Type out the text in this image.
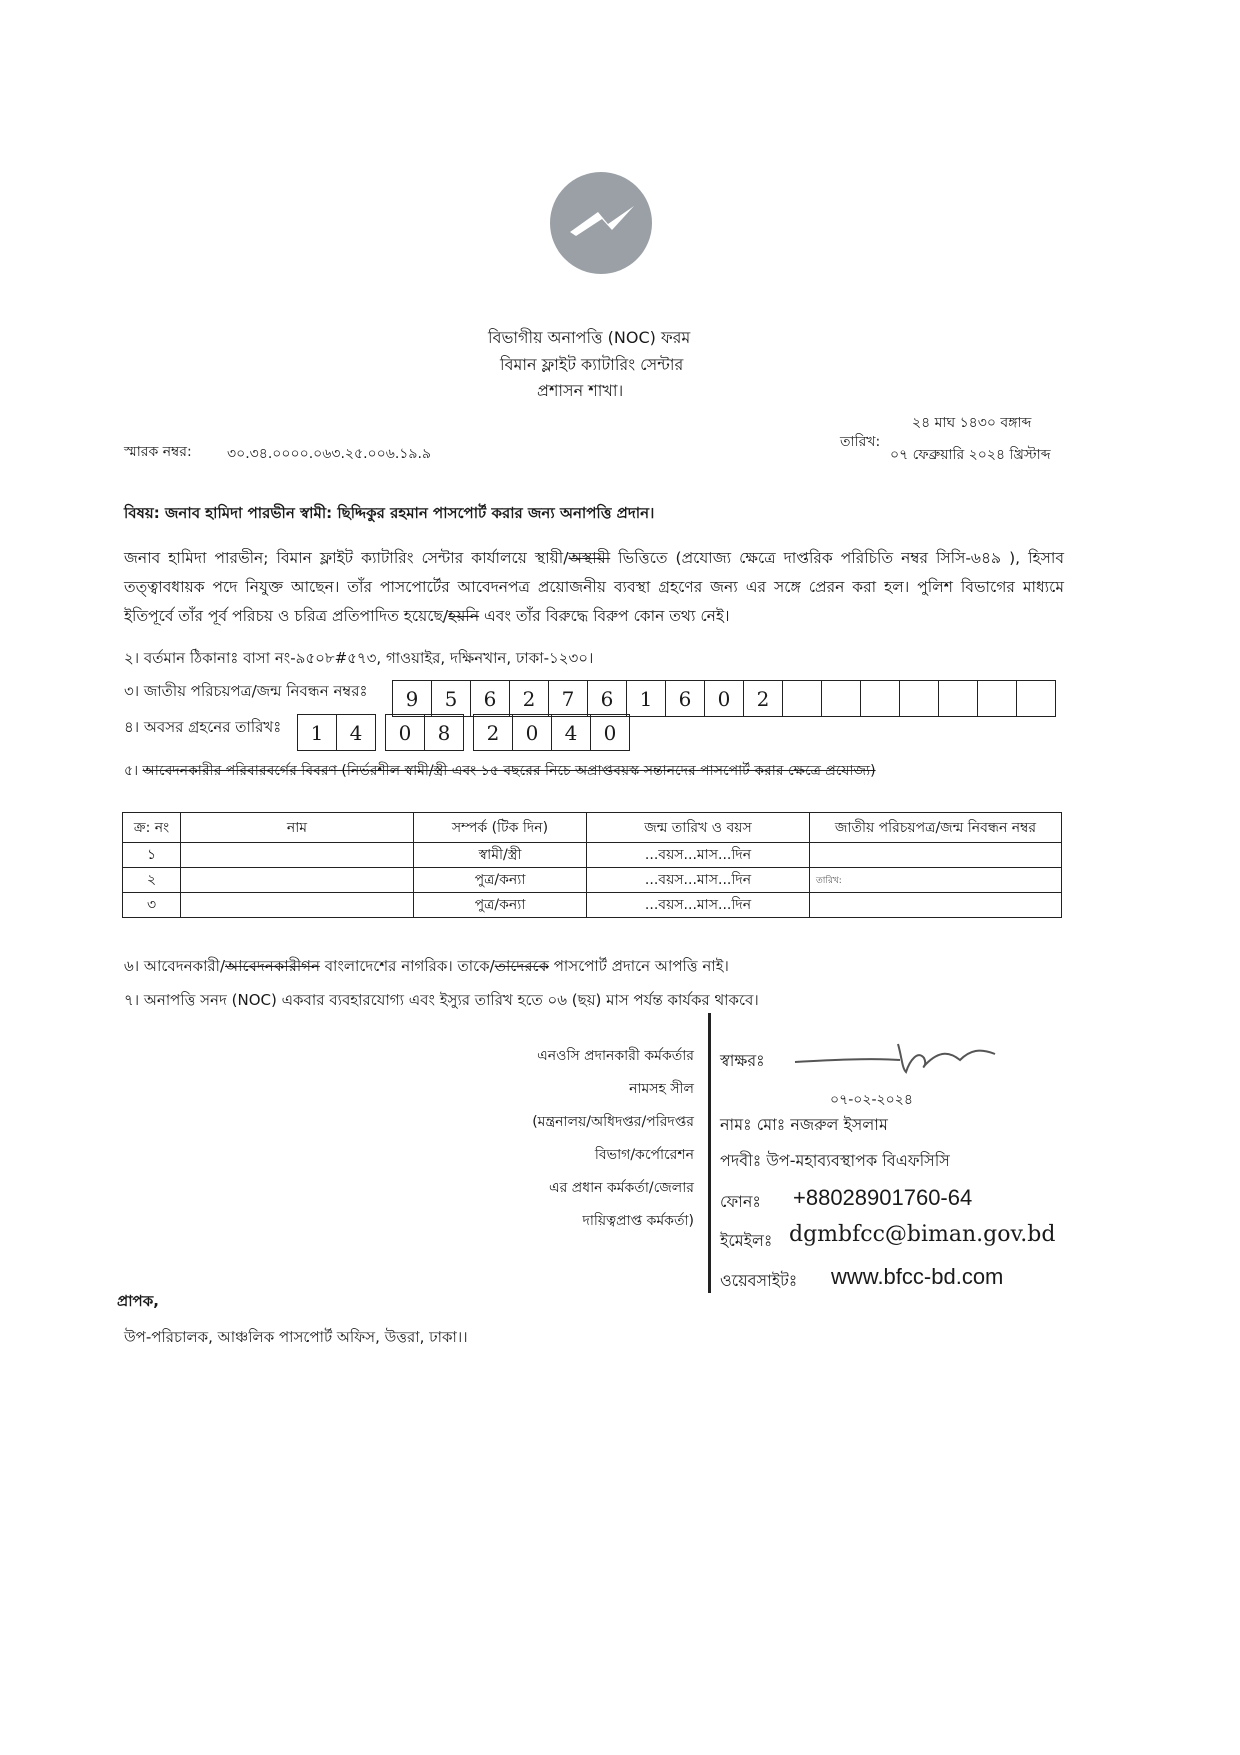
বিভাগীয় অনাপত্তি (NOC) ফরম
বিমান ফ্লাইট ক্যাটারিং সেন্টার
প্রশাসন শাখা।
স্মারক নম্বর:	৩০.৩৪.০০০০.০৬৩.২৫.০০৬.১৯.৯
তারিখ:
২৪ মাঘ ১৪৩০ বঙ্গাব্দ
০৭ ফেব্রুয়ারি ২০২৪ খ্রিস্টাব্দ
বিষয়: জনাব হামিদা পারভীন স্বামী: ছিদ্দিকুর রহমান পাসপোর্ট করার জন্য অনাপত্তি প্রদান।
জনাব হামিদা পারভীন; বিমান ফ্লাইট ক্যাটারিং সেন্টার কার্যালয়ে স্থায়ী/অস্থায়ী ভিত্তিতে (প্রযোজ্য ক্ষেত্রে দাপ্তরিক পরিচিতি নম্বর সিসি-৬৪৯ ), হিসাব তত্ত্বাবধায়ক পদে নিযুক্ত আছেন। তাঁর পাসপোর্টের আবেদনপত্র প্রয়োজনীয় ব্যবস্থা গ্রহণের জন্য এর সঙ্গে প্রেরন করা হল। পুলিশ বিভাগের মাধ্যমে ইতিপূর্বে তাঁর পূর্ব পরিচয় ও চরিত্র প্রতিপাদিত হয়েছে/হয়নি এবং তাঁর বিরুদ্ধে বিরুপ কোন তথ্য নেই।
২। বর্তমান ঠিকানাঃ বাসা নং-৯৫০৮#৫৭৩, গাওয়াইর, দক্ষিনখান, ঢাকা-১২৩০।
৩। জাতীয় পরিচয়পত্র/জন্ম নিবন্ধন নম্বরঃ	9	5	6	2	7	6	1	6	0	2
৪। অবসর গ্রহনের তারিখঃ	1	4	0	8	2	0	4	0
৫। আবেদনকারীর পরিবারবর্গের বিবরণ (নির্ভরশীল স্বামী/স্ত্রী এবং ১৫ বছরের নিচে অপ্রাপ্তবয়স্ক সন্তানদের পাসপোর্ট করার ক্ষেত্রে প্রযোজ্য)
ক্র: নং	নাম	সম্পর্ক (টিক দিন)	জন্ম তারিখ ও বয়স	জাতীয় পরিচয়পত্র/জন্ম নিবন্ধন নম্বর
১		স্বামী/স্ত্রী	...বয়স...মাস...দিন	
২		পুত্র/কন্যা	...বয়স...মাস...দিন	তারিখ:
৩		পুত্র/কন্যা	...বয়স...মাস...দিন	
৬। আবেদনকারী/আবেদনকারীগন বাংলাদেশের নাগরিক। তাকে/তাদেরকে পাসপোর্ট প্রদানে আপত্তি নাই।
৭। অনাপত্তি সনদ (NOC) একবার ব্যবহারযোগ্য এবং ইস্যুর তারিখ হতে ০৬ (ছয়) মাস পর্যন্ত কার্যকর থাকবে।
এনওসি প্রদানকারী কর্মকর্তার
নামসহ সীল
(মন্ত্রনালয়/অধিদপ্তর/পরিদপ্তর
বিভাগ/কর্পোরেশন
এর প্রধান কর্মকর্তা/জেলার
দায়িত্বপ্রাপ্ত কর্মকর্তা)
স্বাক্ষরঃ
০৭-০২-২০২৪
নামঃ মোঃ নজরুল ইসলাম
পদবীঃ উপ-মহাব্যবস্থাপক বিএফসিসি
ফোনঃ +88028901760-64
ইমেইলঃ dgmbfcc@biman.gov.bd
ওয়েবসাইটঃ www.bfcc-bd.com
প্রাপক,
উপ-পরিচালক, আঞ্চলিক পাসপোর্ট অফিস, উত্তরা, ঢাকা।।
